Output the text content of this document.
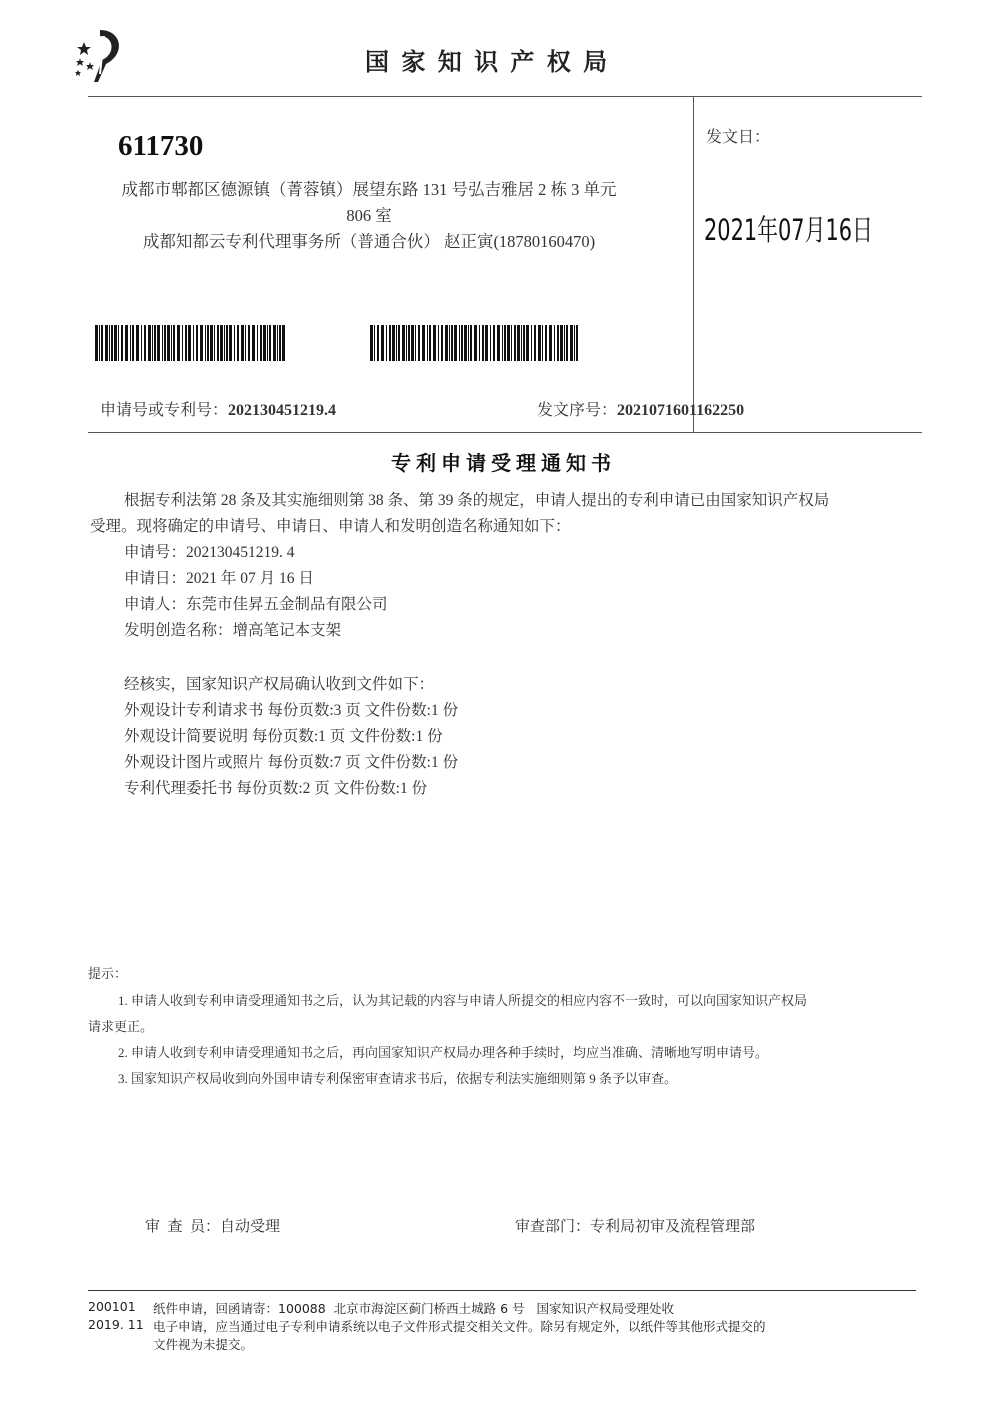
国 家 知 识 产 权 局
611730
成都市郫都区德源镇（菁蓉镇）展望东路 131 号弘吉雅居 2 栋 3 单元
806 室
成都知都云专利代理事务所（普通合伙） 赵正寅(18780160470)
发文日：
2021年07月16日
申请号或专利号：202130451219.4	发文序号：2021071601162250
专 利 申 请 受 理 通 知 书
根据专利法第 28 条及其实施细则第 38 条、第 39 条的规定，申请人提出的专利申请已由国家知识产权局
受理。现将确定的申请号、申请日、申请人和发明创造名称通知如下：
申请号：202130451219. 4
申请日：2021 年 07 月 16 日
申请人：东莞市佳昇五金制品有限公司
发明创造名称：增高笔记本支架
经核实，国家知识产权局确认收到文件如下：
外观设计专利请求书 每份页数:3 页 文件份数:1 份
外观设计简要说明 每份页数:1 页 文件份数:1 份
外观设计图片或照片 每份页数:7 页 文件份数:1 份
专利代理委托书 每份页数:2 页 文件份数:1 份
提示：
1. 申请人收到专利申请受理通知书之后，认为其记载的内容与申请人所提交的相应内容不一致时，可以向国家知识产权局
请求更正。
2. 申请人收到专利申请受理通知书之后，再向国家知识产权局办理各种手续时，均应当准确、清晰地写明申请号。
3. 国家知识产权局收到向外国申请专利保密审查请求书后，依据专利法实施细则第 9 条予以审查。
审  查  员：自动受理	审查部门：专利局初审及流程管理部
200101
2019. 11
纸件申请，回函请寄：100088  北京市海淀区蓟门桥西土城路 6 号   国家知识产权局受理处收
电子申请，应当通过电子专利申请系统以电子文件形式提交相关文件。除另有规定外，以纸件等其他形式提交的
文件视为未提交。
